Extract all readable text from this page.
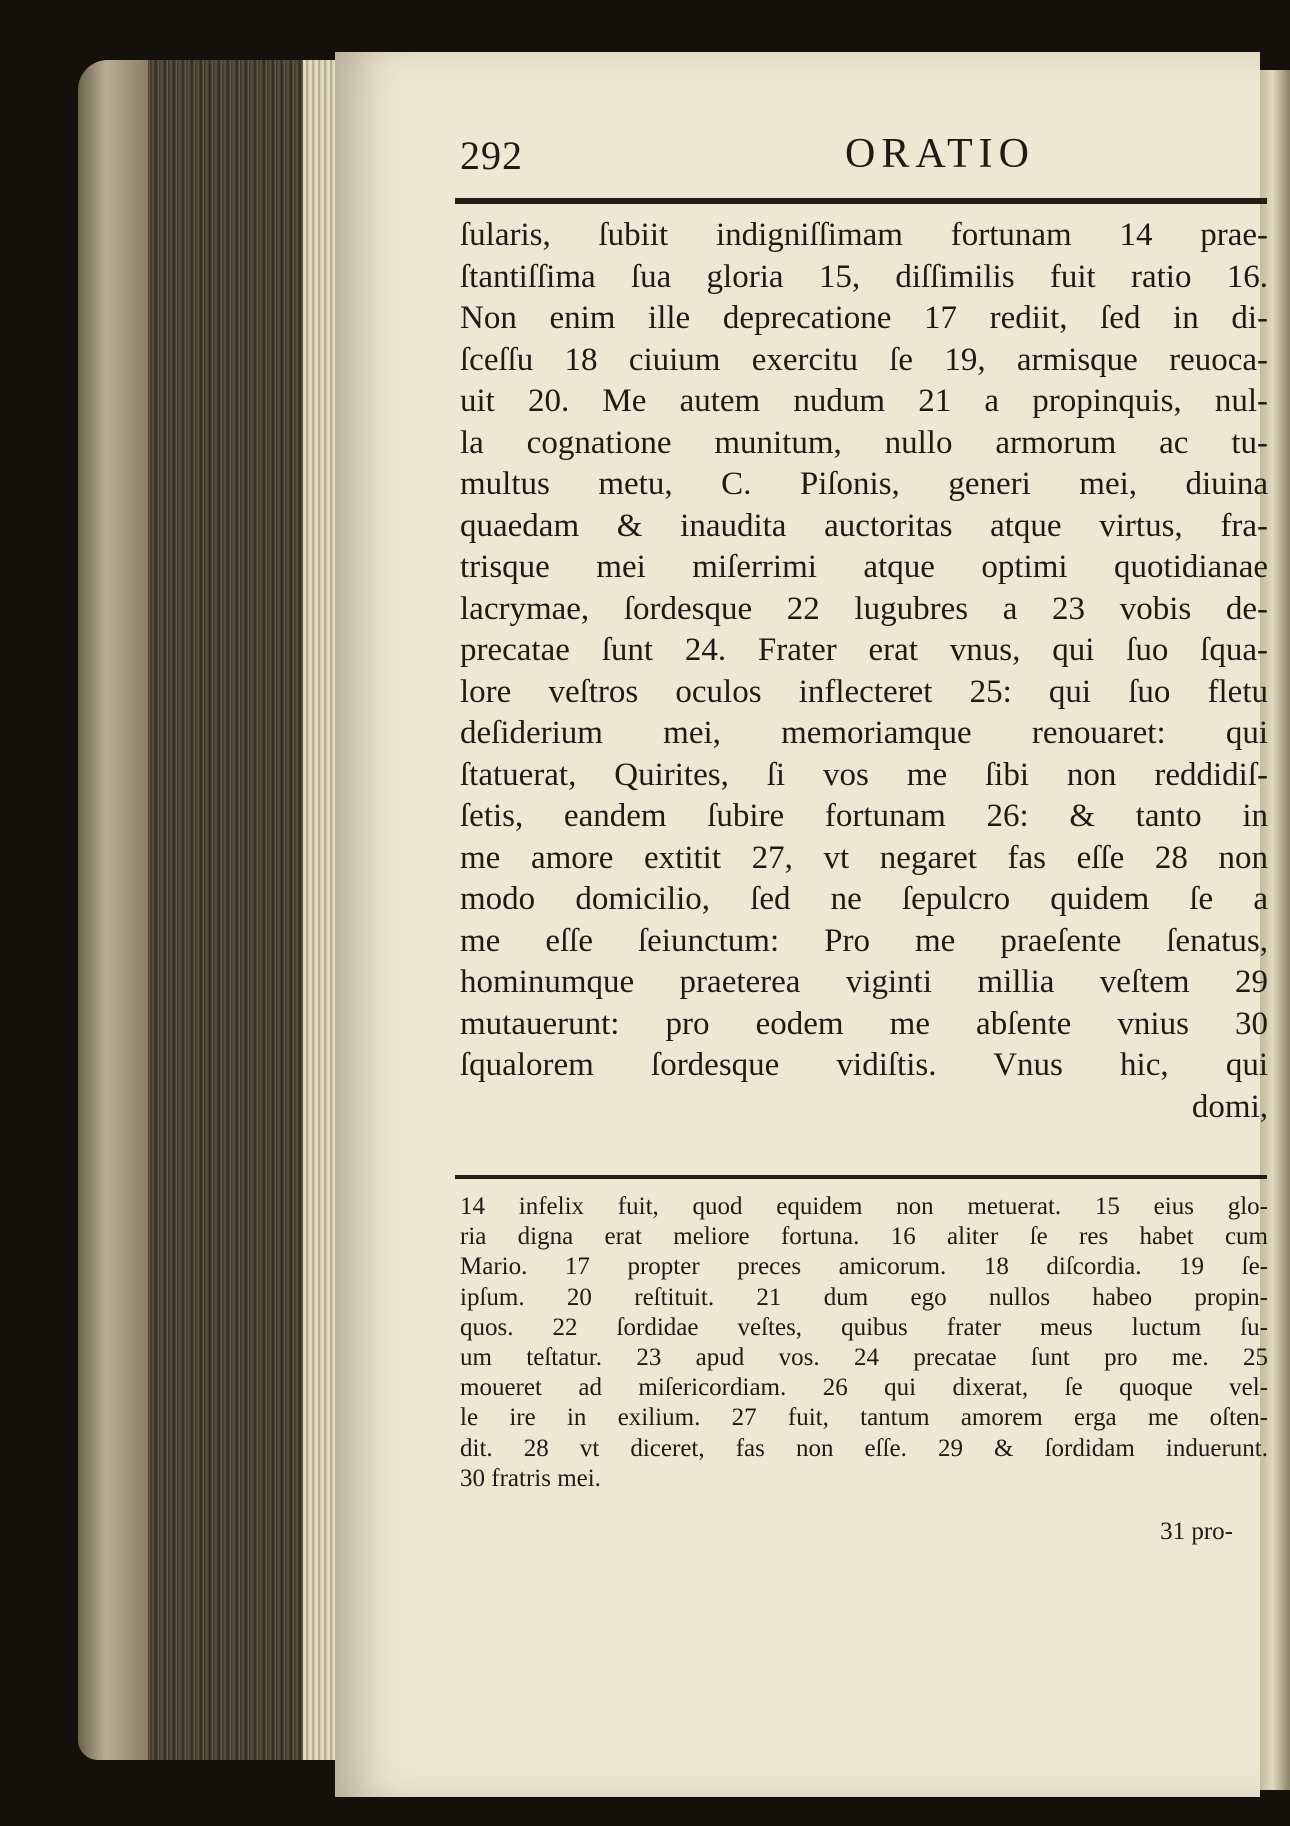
292	ORATIO
ſularis, ſubiit indigniſſimam fortunam 14 prae-
ſtantiſſima ſua gloria 15, diſſimilis fuit ratio 16.
Non enim ille deprecatione 17 rediit, ſed in di-
ſceſſu 18 ciuium exercitu ſe 19, armisque reuoca-
uit 20. Me autem nudum 21 a propinquis, nul-
la cognatione munitum, nullo armorum ac tu-
multus metu, C. Piſonis, generi mei, diuina
quaedam & inaudita auctoritas atque virtus, fra-
trisque mei miſerrimi atque optimi quotidianae
lacrymae, ſordesque 22 lugubres a 23 vobis de-
precatae ſunt 24. Frater erat vnus, qui ſuo ſqua-
lore veſtros oculos inflecteret 25: qui ſuo fletu
deſiderium mei, memoriamque renouaret: qui
ſtatuerat, Quirites, ſi vos me ſibi non reddidiſ-
ſetis, eandem ſubire fortunam 26: & tanto in
me amore extitit 27, vt negaret fas eſſe 28 non
modo domicilio, ſed ne ſepulcro quidem ſe a
me eſſe ſeiunctum: Pro me praeſente ſenatus,
hominumque praeterea viginti millia veſtem 29
mutauerunt: pro eodem me abſente vnius 30
ſqualorem ſordesque vidiſtis. Vnus hic, qui
domi,
14 infelix fuit, quod equidem non metuerat. 15 eius glo-
ria digna erat meliore fortuna. 16 aliter ſe res habet cum
Mario. 17 propter preces amicorum. 18 diſcordia. 19 ſe-
ipſum. 20 reſtituit. 21 dum ego nullos habeo propin-
quos. 22 ſordidae veſtes, quibus frater meus luctum ſu-
um teſtatur. 23 apud vos. 24 precatae ſunt pro me. 25
moueret ad miſericordiam. 26 qui dixerat, ſe quoque vel-
le ire in exilium. 27 fuit, tantum amorem erga me oſten-
dit. 28 vt diceret, fas non eſſe. 29 & ſordidam induerunt.
30 fratris mei.
31 pro-
